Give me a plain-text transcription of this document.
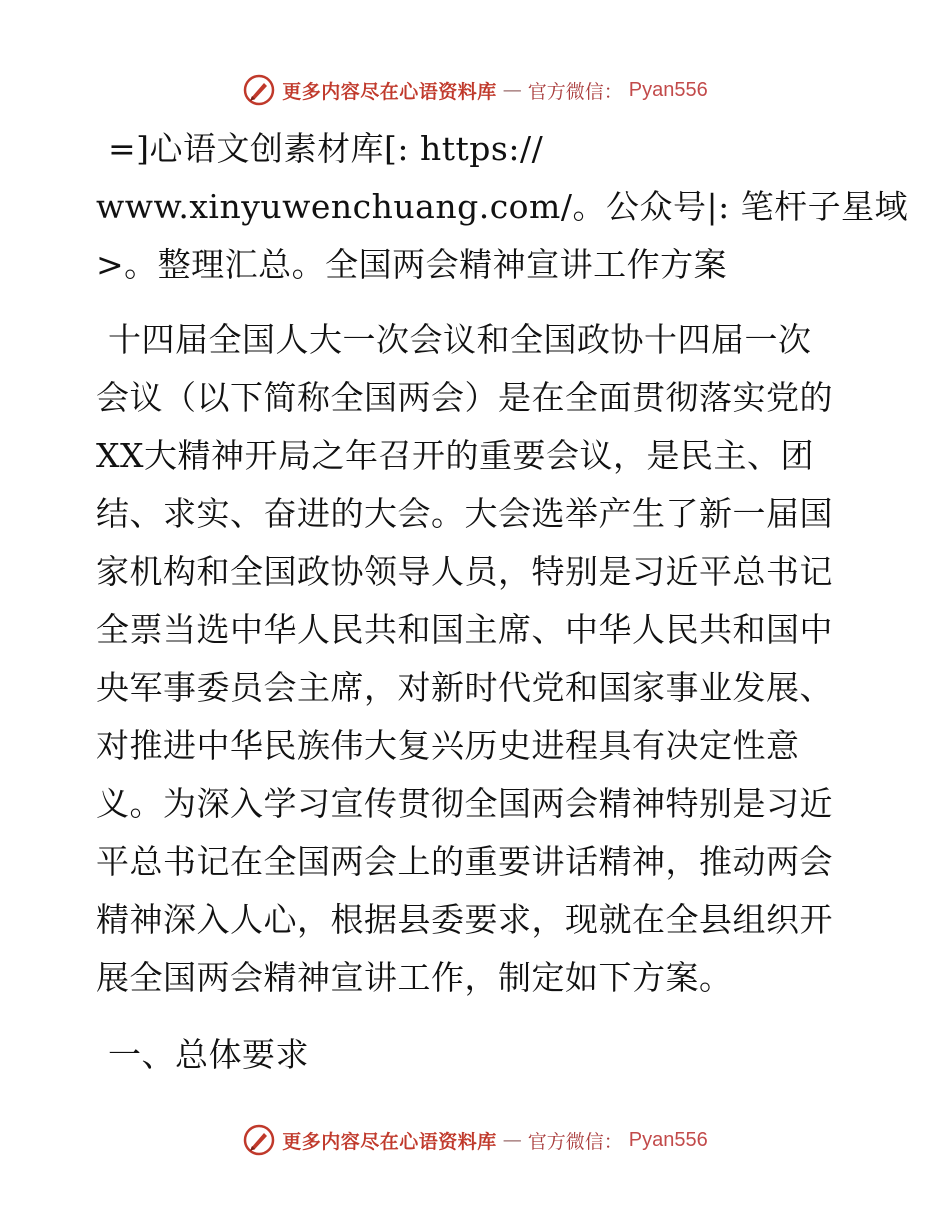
更多内容尽在心语资料库 — 官方微信： Pyan556
=]心语文创素材库[: https://
www.xinyuwenchuang.com/。公众号|: 笔杆子星域
>。整理汇总。全国两会精神宣讲工作方案
十四届全国人大一次会议和全国政协十四届一次
会议（以下简称全国两会）是在全面贯彻落实党的
XX大精神开局之年召开的重要会议，是民主、团
结、求实、奋进的大会。大会选举产生了新一届国
家机构和全国政协领导人员，特别是习近平总书记
全票当选中华人民共和国主席、中华人民共和国中
央军事委员会主席，对新时代党和国家事业发展、
对推进中华民族伟大复兴历史进程具有决定性意
义。为深入学习宣传贯彻全国两会精神特别是习近
平总书记在全国两会上的重要讲话精神，推动两会
精神深入人心，根据县委要求，现就在全县组织开
展全国两会精神宣讲工作，制定如下方案。
一、总体要求
更多内容尽在心语资料库 — 官方微信： Pyan556
